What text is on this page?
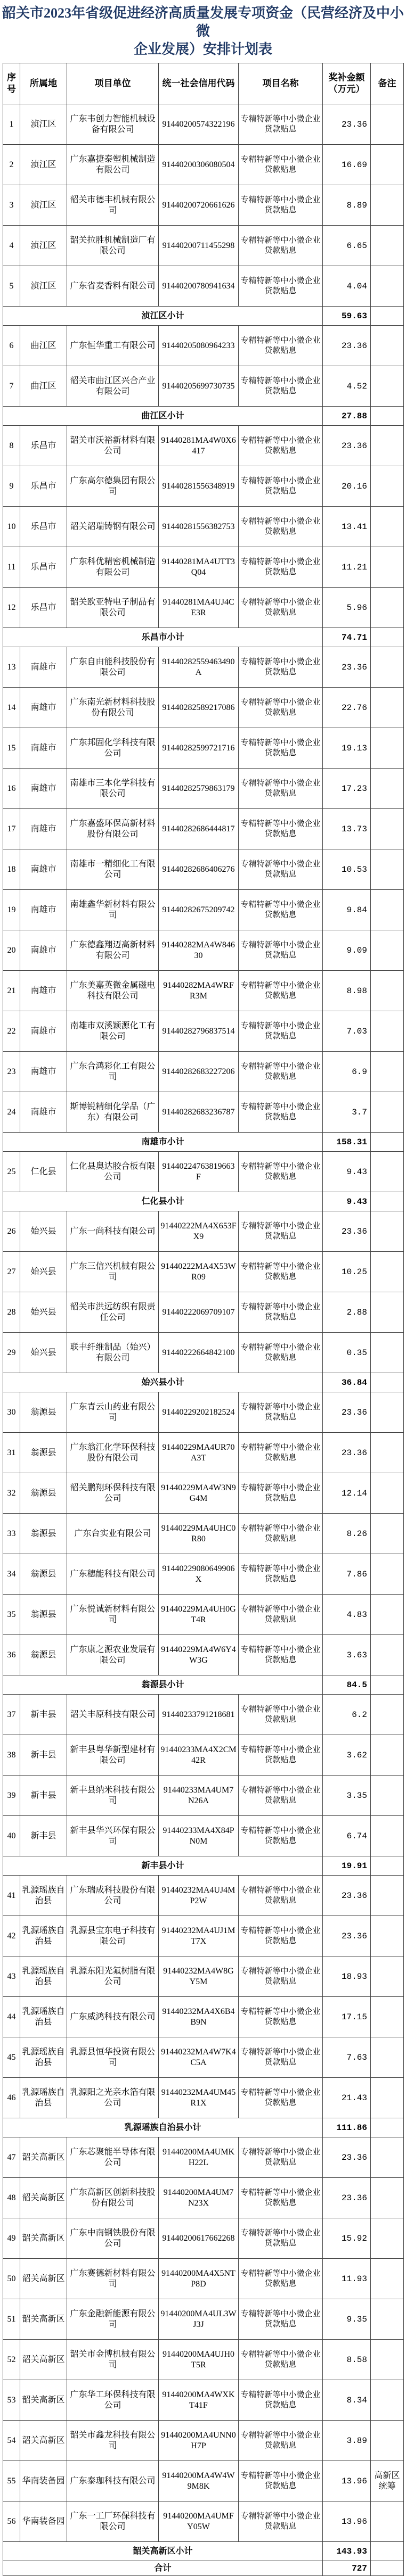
韶关市2023年省级促进经济高质量发展专项资金（民营经济及中小微
企业发展）安排计划表
序号	所属地	项目单位	统一社会信用代码	项目名称	奖补金额（万元）	备注
1	浈江区	广东韦创力智能机械设备有限公司	91440200574322196	专精特新等中小微企业贷款贴息	23.36	
2	浈江区	广东嘉捷泰塑机械制造有限公司	91440200306080504	专精特新等中小微企业贷款贴息	16.69	
3	浈江区	韶关市德丰机械有限公司	91440200720661626	专精特新等中小微企业贷款贴息	8.89	
4	浈江区	韶关拉胜机械制造厂有限公司	91440200711455298	专精特新等中小微企业贷款贴息	6.65	
5	浈江区	广东省麦香料有限公司	91440200780941634	专精特新等中小微企业贷款贴息	4.04	
浈江区小计					59.63	
6	曲江区	广东恒华重工有限公司	91440205080964233	专精特新等中小微企业贷款贴息	23.36	
7	曲江区	韶关市曲江区兴合产业有限公司	91440205699730735	专精特新等中小微企业贷款贴息	4.52	
曲江区小计					27.88	
8	乐昌市	韶关市沃裕新材料有限公司	91440281MA4W0X6417	专精特新等中小微企业贷款贴息	23.36	
9	乐昌市	广东高尔德集团有限公司	91440281556348919	专精特新等中小微企业贷款贴息	20.16	
10	乐昌市	韶关韶瑞铸钢有限公司	91440281556382753	专精特新等中小微企业贷款贴息	13.41	
11	乐昌市	广东科优精密机械制造有限公司	91440281MA4UTT3Q04	专精特新等中小微企业贷款贴息	11.21	
12	乐昌市	韶关欧亚特电子制品有限公司	91440281MA4UJ4CE3R	专精特新等中小微企业贷款贴息	5.96	
乐昌市小计					74.71	
13	南雄市	广东自由能科技股份有限公司	91440282559463490A	专精特新等中小微企业贷款贴息	23.36	
14	南雄市	广东南光新材料科技股份有限公司	91440282589217086	专精特新等中小微企业贷款贴息	22.76	
15	南雄市	广东邦固化学科技有限公司	91440282599721716	专精特新等中小微企业贷款贴息	19.13	
16	南雄市	南雄市三本化学科技有限公司	91440282579863179	专精特新等中小微企业贷款贴息	17.23	
17	南雄市	广东嘉盛环保高新材料股份有限公司	91440282686444817	专精特新等中小微企业贷款贴息	13.73	
18	南雄市	南雄市一精细化工有限公司	91440282686406276	专精特新等中小微企业贷款贴息	10.53	
19	南雄市	南雄鑫华新材料有限公司	91440282675209742	专精特新等中小微企业贷款贴息	9.84	
20	南雄市	广东德鑫翔迈高新材料有限公司	91440282MA4W84630	专精特新等中小微企业贷款贴息	9.09	
21	南雄市	广东美嘉英微金属磁电科技有限公司	91440282MA4WRFR3M	专精特新等中小微企业贷款贴息	8.98	
22	南雄市	南雄市双溪颖源化工有限公司	91440282796837514	专精特新等中小微企业贷款贴息	7.03	
23	南雄市	广东合鸿彩化工有限公司	91440282683227206	专精特新等中小微企业贷款贴息	6.9	
24	南雄市	斯博锐精细化学品（广东）有限公司	91440282683236787	专精特新等中小微企业贷款贴息	3.7	
南雄市小计					158.31	
25	仁化县	仁化县奥达胶合板有限公司	91440224763819663F	专精特新等中小微企业贷款贴息	9.43	
仁化县小计					9.43	
26	始兴县	广东一尚科技有限公司	91440222MA4X653FX9	专精特新等中小微企业贷款贴息	23.36	
27	始兴县	广东三信兴机械有限公司	91440222MA4X53WR09	专精特新等中小微企业贷款贴息	10.25	
28	始兴县	韶关市洪远纺织有限责任公司	91440222069709107	专精特新等中小微企业贷款贴息	2.88	
29	始兴县	联丰纤维制品（始兴）有限公司	91440222664842100	专精特新等中小微企业贷款贴息	0.35	
始兴县小计					36.84	
30	翁源县	广东青云山药业有限公司	91440229202182524	专精特新等中小微企业贷款贴息	23.36	
31	翁源县	广东翁江化学环保科技股份有限公司	91440229MA4UR70A3T	专精特新等中小微企业贷款贴息	23.36	
32	翁源县	韶关鹏翔环保科技有限公司	91440229MA4W3N9G4M	专精特新等中小微企业贷款贴息	12.14	
33	翁源县	广东台实业有限公司	91440229MA4UHC0R80	专精特新等中小微企业贷款贴息	8.26	
34	翁源县	广东穗能科技有限公司	91440229080649906X	专精特新等中小微企业贷款贴息	7.86	
35	翁源县	广东悦诚新材料有限公司	91440229MA4UH0GT4R	专精特新等中小微企业贷款贴息	4.83	
36	翁源县	广东康之源农业发展有限公司	91440229MA4W6Y4W3G	专精特新等中小微企业贷款贴息	3.63	
翁源县小计					84.5	
37	新丰县	韶关丰原科技有限公司	91440233791218681	专精特新等中小微企业贷款贴息	6.2	
38	新丰县	新丰县粤华新型建材有限公司	91440233MA4X2CM42R	专精特新等中小微企业贷款贴息	3.62	
39	新丰县	新丰县纳米科技有限公司	91440233MA4UM7N26A	专精特新等中小微企业贷款贴息	3.35	
40	新丰县	新丰县华兴环保有限公司	91440233MA4X84PN0M	专精特新等中小微企业贷款贴息	6.74	
新丰县小计					19.91	
41	乳源瑶族自治县	广东瑞成科技股份有限公司	91440232MA4UJ4MP2W	专精特新等中小微企业贷款贴息	23.36	
42	乳源瑶族自治县	乳源县宝东电子科技有限公司	91440232MA4UJ1MT7X	专精特新等中小微企业贷款贴息	23.36	
43	乳源瑶族自治县	乳源东阳光氟树脂有限公司	91440232MA4W8GY5M	专精特新等中小微企业贷款贴息	18.93	
44	乳源瑶族自治县	广东威鸿科技有限公司	91440232MA4X6B4B9N	专精特新等中小微企业贷款贴息	17.15	
45	乳源瑶族自治县	乳源县恒华投资有限公司	91440232MA4W7K4C5A	专精特新等中小微企业贷款贴息	7.63	
46	乳源瑶族自治县	乳源阳之光亲水箔有限公司	91440232MA4UM45R1X	专精特新等中小微企业贷款贴息	21.43	
乳源瑶族自治县小计					111.86	
47	韶关高新区	广东芯聚能半导体有限公司	91440200MA4UMKH22L	专精特新等中小微企业贷款贴息	23.36	
48	韶关高新区	广东高新区创新科技股份有限公司	91440200MA4UM7N23X	专精特新等中小微企业贷款贴息	23.36	
49	韶关高新区	广东中南钢铁股份有限公司	91440200617662268	专精特新等中小微企业贷款贴息	15.92	
50	韶关高新区	广东赛德新材料有限公司	91440200MA4X5NTP8D	专精特新等中小微企业贷款贴息	11.93	
51	韶关高新区	广东金融新能源有限公司	91440200MA4UL3WJ3J	专精特新等中小微企业贷款贴息	9.35	
52	韶关高新区	韶关市金博机械有限公司	91440200MA4UJH0T5R	专精特新等中小微企业贷款贴息	8.58	
53	韶关高新区	广东华工环保科技有限公司	91440200MA4WXKT41F	专精特新等中小微企业贷款贴息	8.34	
54	韶关高新区	韶关市鑫龙科技有限公司	91440200MA4UNN0H7P	专精特新等中小微企业贷款贴息	3.89	
55	华南装备园	广东泰珈科技有限公司	91440200MA4W4W9M8K	专精特新等中小微企业贷款贴息	13.96	高新区统筹
56	华南装备园	广东一工厂环保科技有限公司	91440200MA4UMFY05W	专精特新等中小微企业贷款贴息	13.96	
韶关高新区小计					143.93	
合计					727	
